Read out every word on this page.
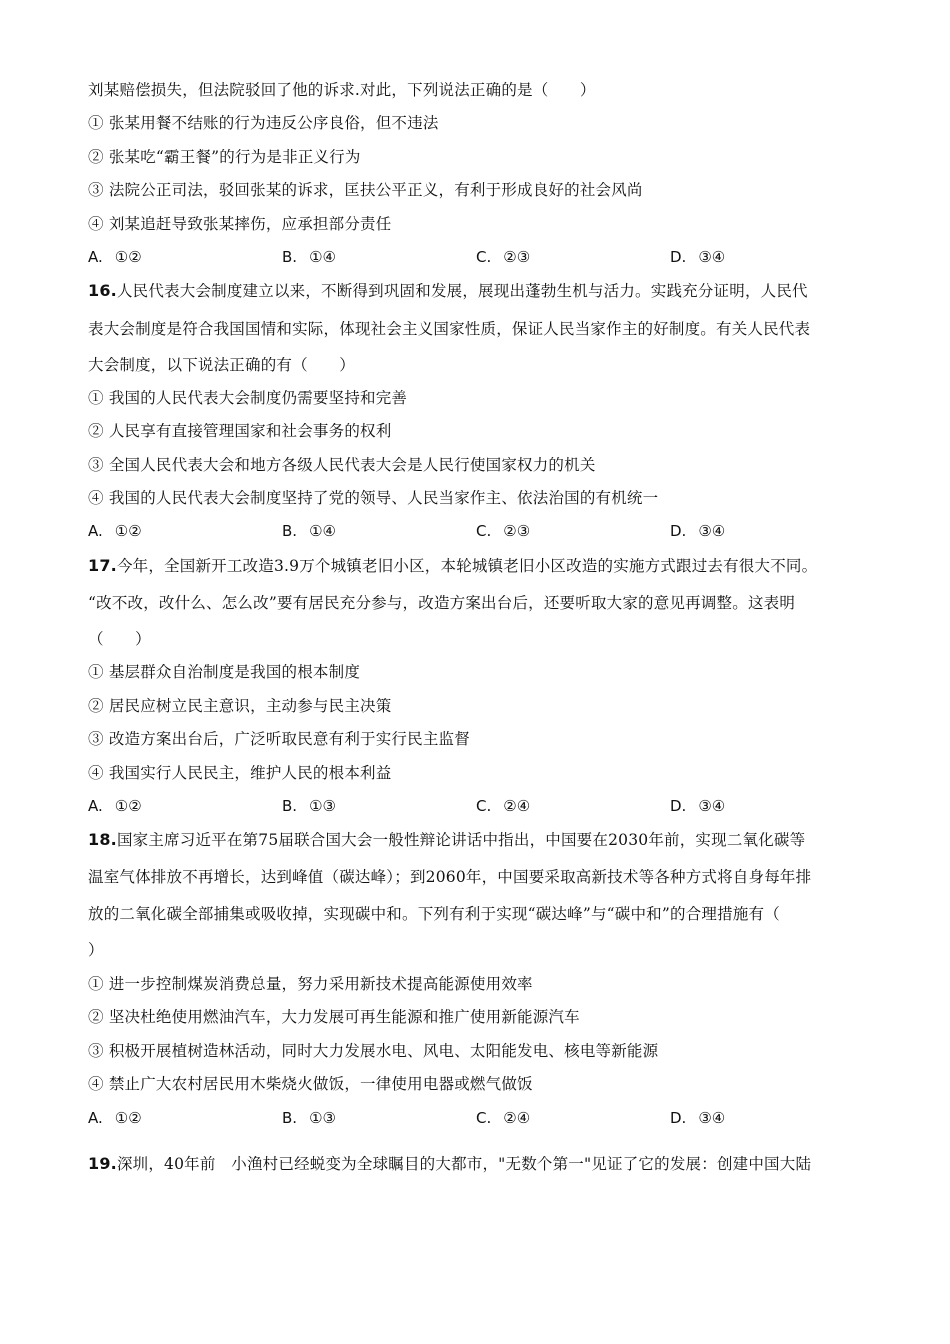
刘某赔偿损失，但法院驳回了他的诉求.对此，下列说法正确的是（　　）
① 张某用餐不结账的行为违反公序良俗，但不违法
② 张某吃“霸王餐”的行为是非正义行为
③ 法院公正司法，驳回张某的诉求，匡扶公平正义，有利于形成良好的社会风尚
④ 刘某追赶导致张某摔伤，应承担部分责任
A. ①②	B. ①④	C. ②③	D. ③④
16.人民代表大会制度建立以来，不断得到巩固和发展，展现出蓬勃生机与活力。实践充分证明，人民代
表大会制度是符合我国国情和实际，体现社会主义国家性质，保证人民当家作主的好制度。有关人民代表
大会制度，以下说法正确的有（　　）
① 我国的人民代表大会制度仍需要坚持和完善
② 人民享有直接管理国家和社会事务的权利
③ 全国人民代表大会和地方各级人民代表大会是人民行使国家权力的机关
④ 我国的人民代表大会制度坚持了党的领导、人民当家作主、依法治国的有机统一
A. ①②	B. ①④	C. ②③	D. ③④
17.今年，全国新开工改造3.9万个城镇老旧小区，本轮城镇老旧小区改造的实施方式跟过去有很大不同。
“改不改，改什么、怎么改”要有居民充分参与，改造方案出台后，还要听取大家的意见再调整。这表明
（　　）
① 基层群众自治制度是我国的根本制度
② 居民应树立民主意识，主动参与民主决策
③ 改造方案出台后，广泛听取民意有利于实行民主监督
④ 我国实行人民民主，维护人民的根本利益
A. ①②	B. ①③	C. ②④	D. ③④
18.国家主席习近平在第75届联合国大会一般性辩论讲话中指出，中国要在2030年前，实现二氧化碳等
温室气体排放不再增长，达到峰值（碳达峰）；到2060年，中国要采取高新技术等各种方式将自身每年排
放的二氧化碳全部捕集或吸收掉，实现碳中和。下列有利于实现“碳达峰”与“碳中和”的合理措施有（
）
① 进一步控制煤炭消费总量，努力采用新技术提高能源使用效率
② 坚决杜绝使用燃油汽车，大力发展可再生能源和推广使用新能源汽车
③ 积极开展植树造林活动，同时大力发展水电、风电、太阳能发电、核电等新能源
④ 禁止广大农村居民用木柴烧火做饭，一律使用电器或燃气做饭
A. ①②	B. ①③	C. ②④	D. ③④
19.深圳，40年前　小渔村已经蜕变为全球瞩目的大都市，"无数个第一"见证了它的发展：创建中国大陆
